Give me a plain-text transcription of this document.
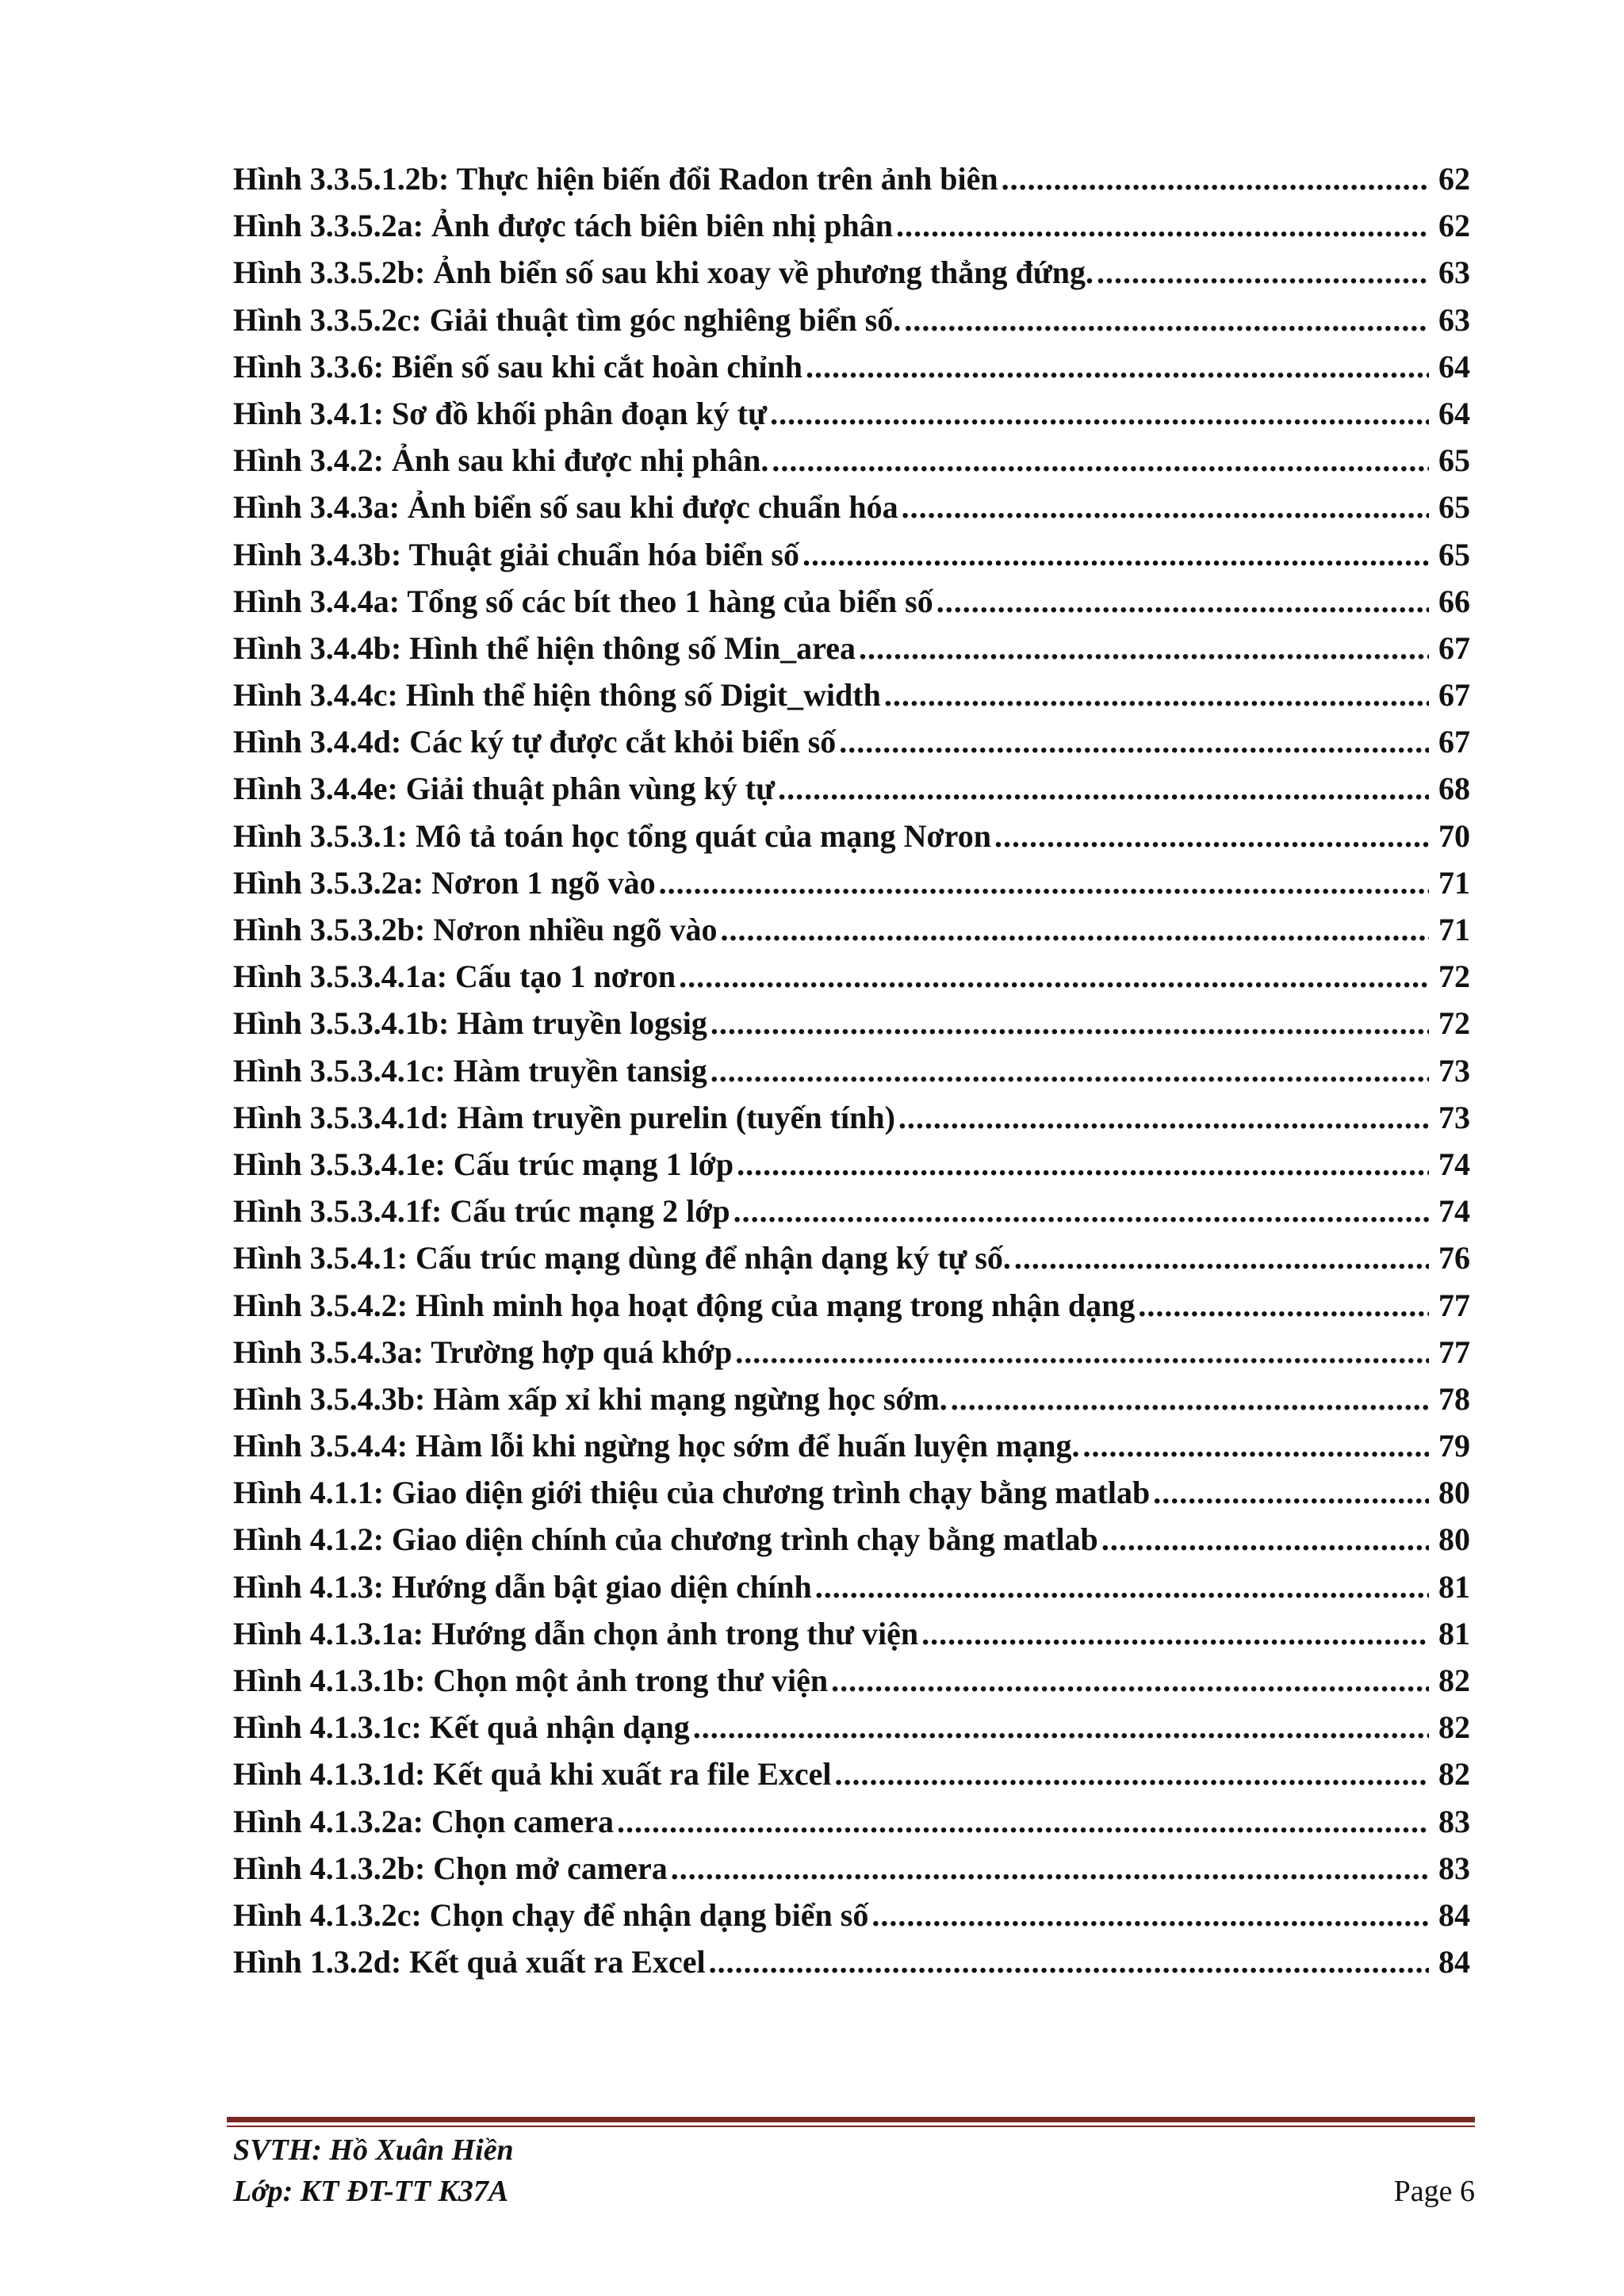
Hình 3.3.5.1.2b: Thực hiện biến đổi Radon trên ảnh biên .....	62
Hình 3.3.5.2a: Ảnh được tách biên biên nhị phân .....	62
Hình 3.3.5.2b: Ảnh biển số sau khi xoay về phương thẳng đứng. .....	63
Hình 3.3.5.2c: Giải thuật tìm góc nghiêng biển số. .....	63
Hình 3.3.6: Biển số sau khi cắt hoàn chỉnh .....	64
Hình 3.4.1: Sơ đồ khối phân đoạn ký tự .....	64
Hình 3.4.2: Ảnh sau khi được nhị phân. .....	65
Hình 3.4.3a: Ảnh biển số sau khi được chuẩn hóa .....	65
Hình 3.4.3b: Thuật giải chuẩn hóa biển số .....	65
Hình 3.4.4a: Tổng số các bít theo 1 hàng của biển số .....	66
Hình 3.4.4b: Hình thể hiện thông số Min_area .....	67
Hình 3.4.4c: Hình thể hiện thông số Digit_width .....	67
Hình 3.4.4d: Các ký tự được cắt khỏi biển số .....	67
Hình 3.4.4e: Giải thuật phân vùng ký tự .....	68
Hình 3.5.3.1: Mô tả toán học tổng quát của mạng Nơron .....	70
Hình 3.5.3.2a: Nơron 1 ngõ vào .....	71
Hình 3.5.3.2b: Nơron nhiều ngõ vào .....	71
Hình 3.5.3.4.1a: Cấu tạo 1 nơron .....	72
Hình 3.5.3.4.1b: Hàm truyền logsig .....	72
Hình 3.5.3.4.1c: Hàm truyền tansig .....	73
Hình 3.5.3.4.1d: Hàm truyền purelin (tuyến tính) .....	73
Hình 3.5.3.4.1e: Cấu trúc mạng 1 lớp .....	74
Hình 3.5.3.4.1f: Cấu trúc mạng 2 lớp .....	74
Hình 3.5.4.1: Cấu trúc mạng dùng để nhận dạng ký tự số. .....	76
Hình 3.5.4.2: Hình minh họa hoạt động của mạng trong nhận dạng .....	77
Hình 3.5.4.3a: Trường hợp quá khớp .....	77
Hình 3.5.4.3b: Hàm xấp xỉ khi mạng ngừng học sớm. .....	78
Hình 3.5.4.4: Hàm lỗi khi ngừng học sớm để huấn luyện mạng. .....	79
Hình 4.1.1: Giao diện giới thiệu của chương trình chạy bằng matlab .....	80
Hình 4.1.2: Giao diện chính của chương trình chạy bằng matlab .....	80
Hình 4.1.3: Hướng dẫn bật giao diện chính .....	81
Hình 4.1.3.1a: Hướng dẫn chọn ảnh trong thư viện .....	81
Hình 4.1.3.1b: Chọn một ảnh trong thư viện .....	82
Hình 4.1.3.1c: Kết quả nhận dạng .....	82
Hình 4.1.3.1d: Kết quả khi xuất ra file Excel .....	82
Hình 4.1.3.2a: Chọn camera .....	83
Hình 4.1.3.2b: Chọn mở camera .....	83
Hình 4.1.3.2c: Chọn chạy để nhận dạng biển số .....	84
Hình 1.3.2d: Kết quả xuất ra Excel .....	84
SVTH: Hồ Xuân Hiền
Lớp: KT ĐT-TT K37A	Page 6
